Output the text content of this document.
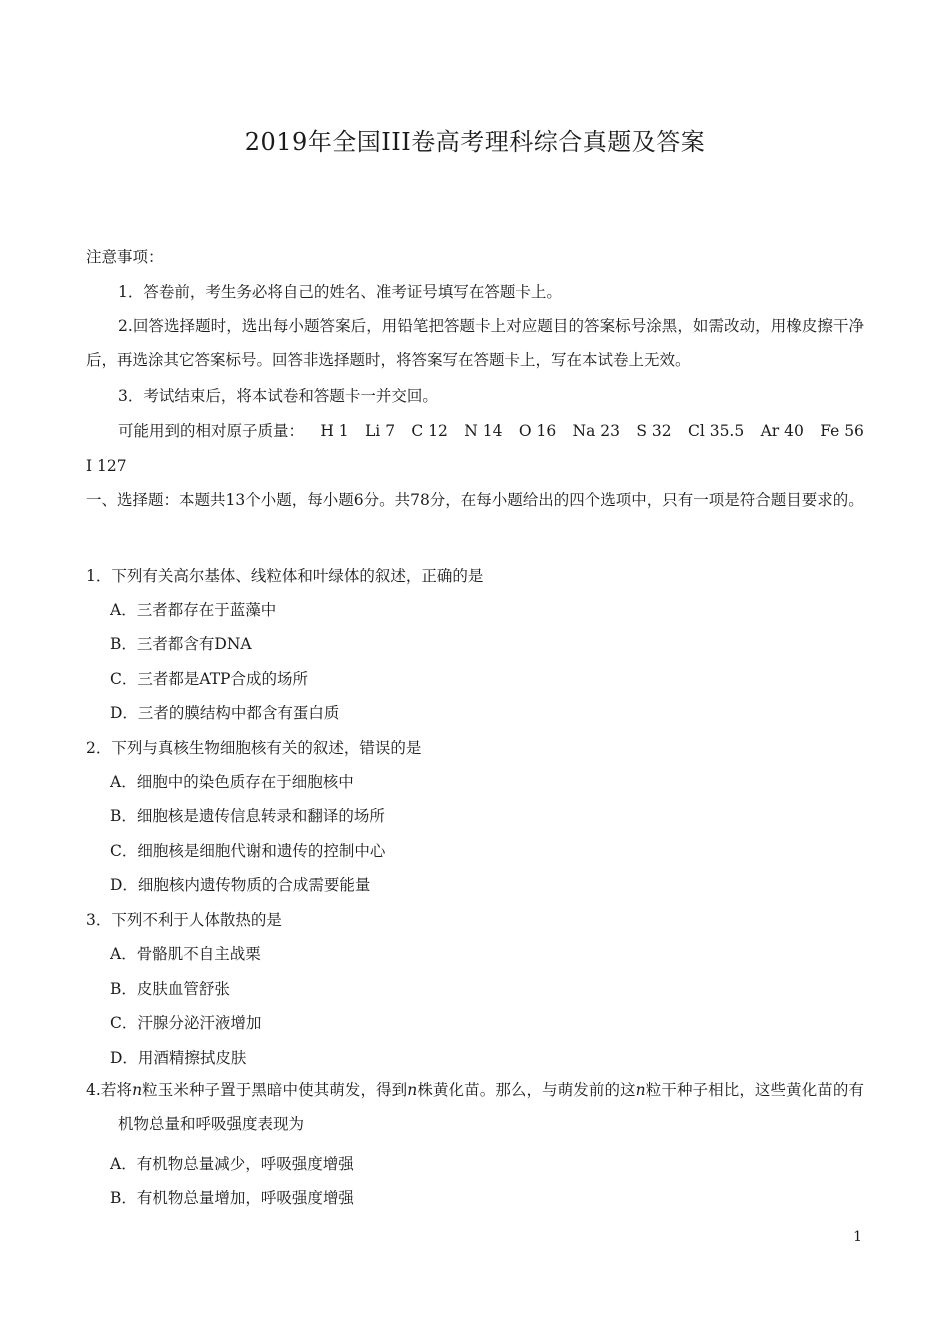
2019年全国III卷高考理科综合真题及答案
注意事项：
1．答卷前，考生务必将自己的姓名、准考证号填写在答题卡上。
2.回答选择题时，选出每小题答案后，用铅笔把答题卡上对应题目的答案标号涂黑，如需改动，用橡皮擦干净后，再选涂其它答案标号。回答非选择题时，将答案写在答题卡上，写在本试卷上无效。
3．考试结束后，将本试卷和答题卡一并交回。
可能用到的相对原子质量： H 1 Li 7 C 12 N 14 O 16 Na 23 S 32 Cl 35.5 Ar 40 Fe 56
I 127
一、选择题：本题共13个小题，每小题6分。共78分，在每小题给出的四个选项中，只有一项是符合题目要求的。
1．下列有关高尔基体、线粒体和叶绿体的叙述，正确的是
A．三者都存在于蓝藻中
B．三者都含有DNA
C．三者都是ATP合成的场所
D．三者的膜结构中都含有蛋白质
2．下列与真核生物细胞核有关的叙述，错误的是
A．细胞中的染色质存在于细胞核中
B．细胞核是遗传信息转录和翻译的场所
C．细胞核是细胞代谢和遗传的控制中心
D．细胞核内遗传物质的合成需要能量
3．下列不利于人体散热的是
A．骨骼肌不自主战栗
B．皮肤血管舒张
C．汗腺分泌汗液增加
D．用酒精擦拭皮肤
4.若将n粒玉米种子置于黑暗中使其萌发，得到n株黄化苗。那么，与萌发前的这n粒干种子相比，这些黄化苗的有机物总量和呼吸强度表现为
A．有机物总量减少，呼吸强度增强
B．有机物总量增加，呼吸强度增强
1
